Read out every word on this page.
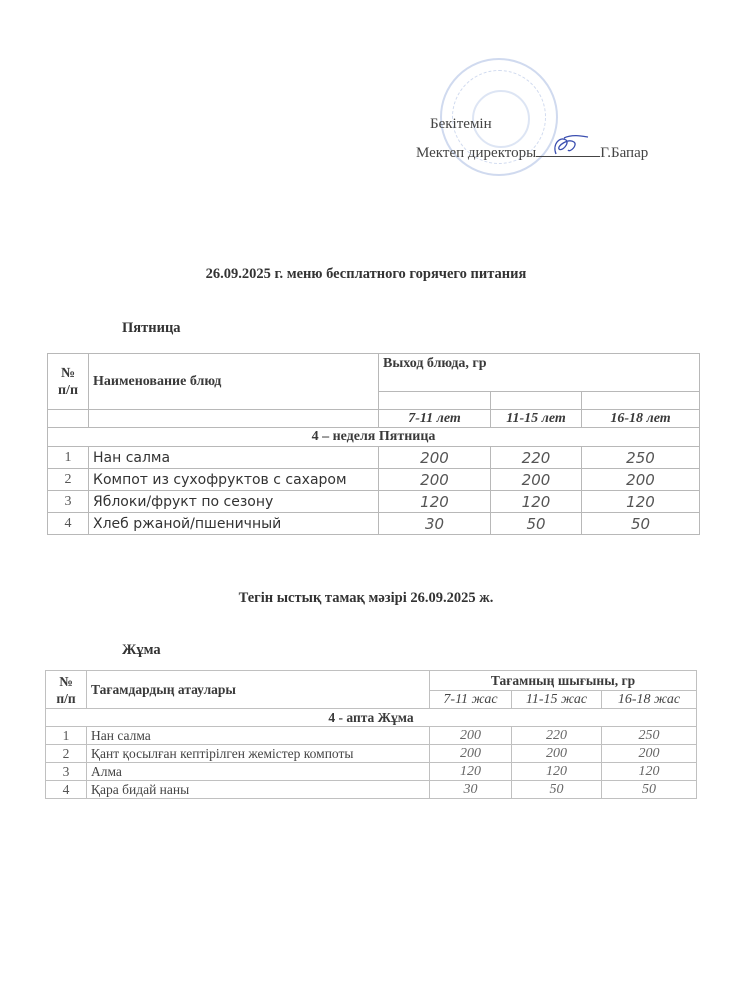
Бекітемін
Мектеп директоры	Г.Бапар
26.09.2025 г. меню бесплатного горячего питания
Пятница
№
п/п	Наименование блюд	Выход блюда, гр		

		7-11 лет	11-15 лет	16-18 лет
4 – неделя Пятница				
1	Нан салма	200	220	250
2	Компот из сухофруктов с сахаром	200	200	200
3	Яблоки/фрукт по сезону	120	120	120
4	Хлеб ржаной/пшеничный	30	50	50
Тегін ыстық тамақ мәзірі 26.09.2025 ж.
Жұма
№
п/п	Тағамдардың атаулары	Тағамның шығыны, гр		
		7-11 жас	11-15 жас	16-18 жас
4 - апта Жұма				
1	Нан салма	200	220	250
2	Қант қосылған кептірілген жемістер компоты	200	200	200
3	Алма	120	120	120
4	Қара бидай наны	30	50	50
